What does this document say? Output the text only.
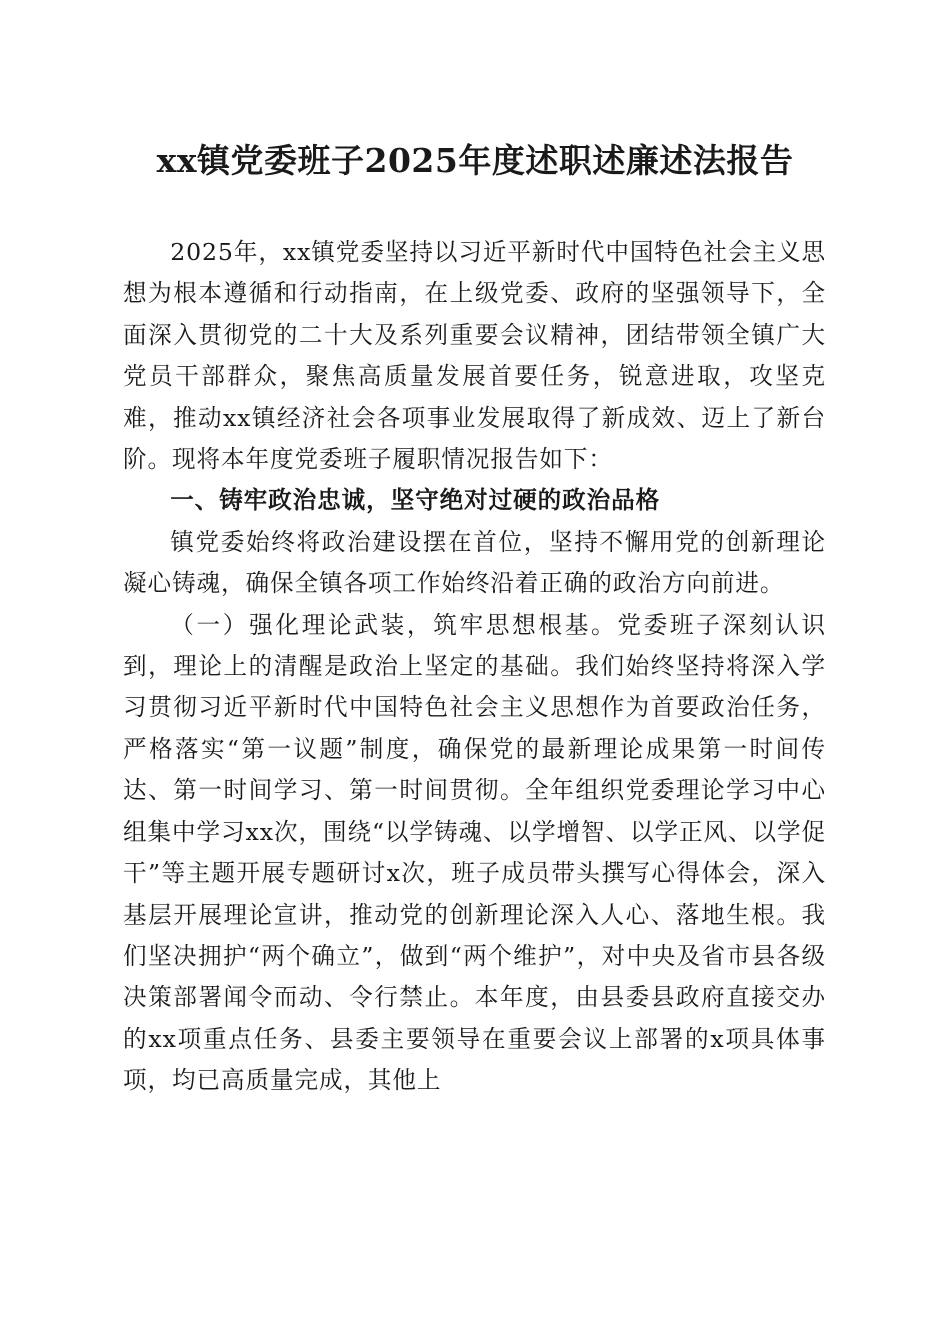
xx镇党委班子2025年度述职述廉述法报告

2025年，xx镇党委坚持以习近平新时代中国特色社会主义思想为根本遵循和行动指南，在上级党委、政府的坚强领导下，全面深入贯彻党的二十大及系列重要会议精神，团结带领全镇广大党员干部群众，聚焦高质量发展首要任务，锐意进取，攻坚克难，推动xx镇经济社会各项事业发展取得了新成效、迈上了新台阶。现将本年度党委班子履职情况报告如下：

一、铸牢政治忠诚，坚守绝对过硬的政治品格

镇党委始终将政治建设摆在首位，坚持不懈用党的创新理论凝心铸魂，确保全镇各项工作始终沿着正确的政治方向前进。

（一）强化理论武装，筑牢思想根基。党委班子深刻认识到，理论上的清醒是政治上坚定的基础。我们始终坚持将深入学习贯彻习近平新时代中国特色社会主义思想作为首要政治任务，严格落实“第一议题”制度，确保党的最新理论成果第一时间传达、第一时间学习、第一时间贯彻。全年组织党委理论学习中心组集中学习xx次，围绕“以学铸魂、以学增智、以学正风、以学促干”等主题开展专题研讨x次，班子成员带头撰写心得体会，深入基层开展理论宣讲，推动党的创新理论深入人心、落地生根。我们坚决拥护“两个确立”，做到“两个维护”，对中央及省市县各级决策部署闻令而动、令行禁止。本年度，由县委县政府直接交办的xx项重点任务、县委主要领导在重要会议上部署的x项具体事项，均已高质量完成，其他上
